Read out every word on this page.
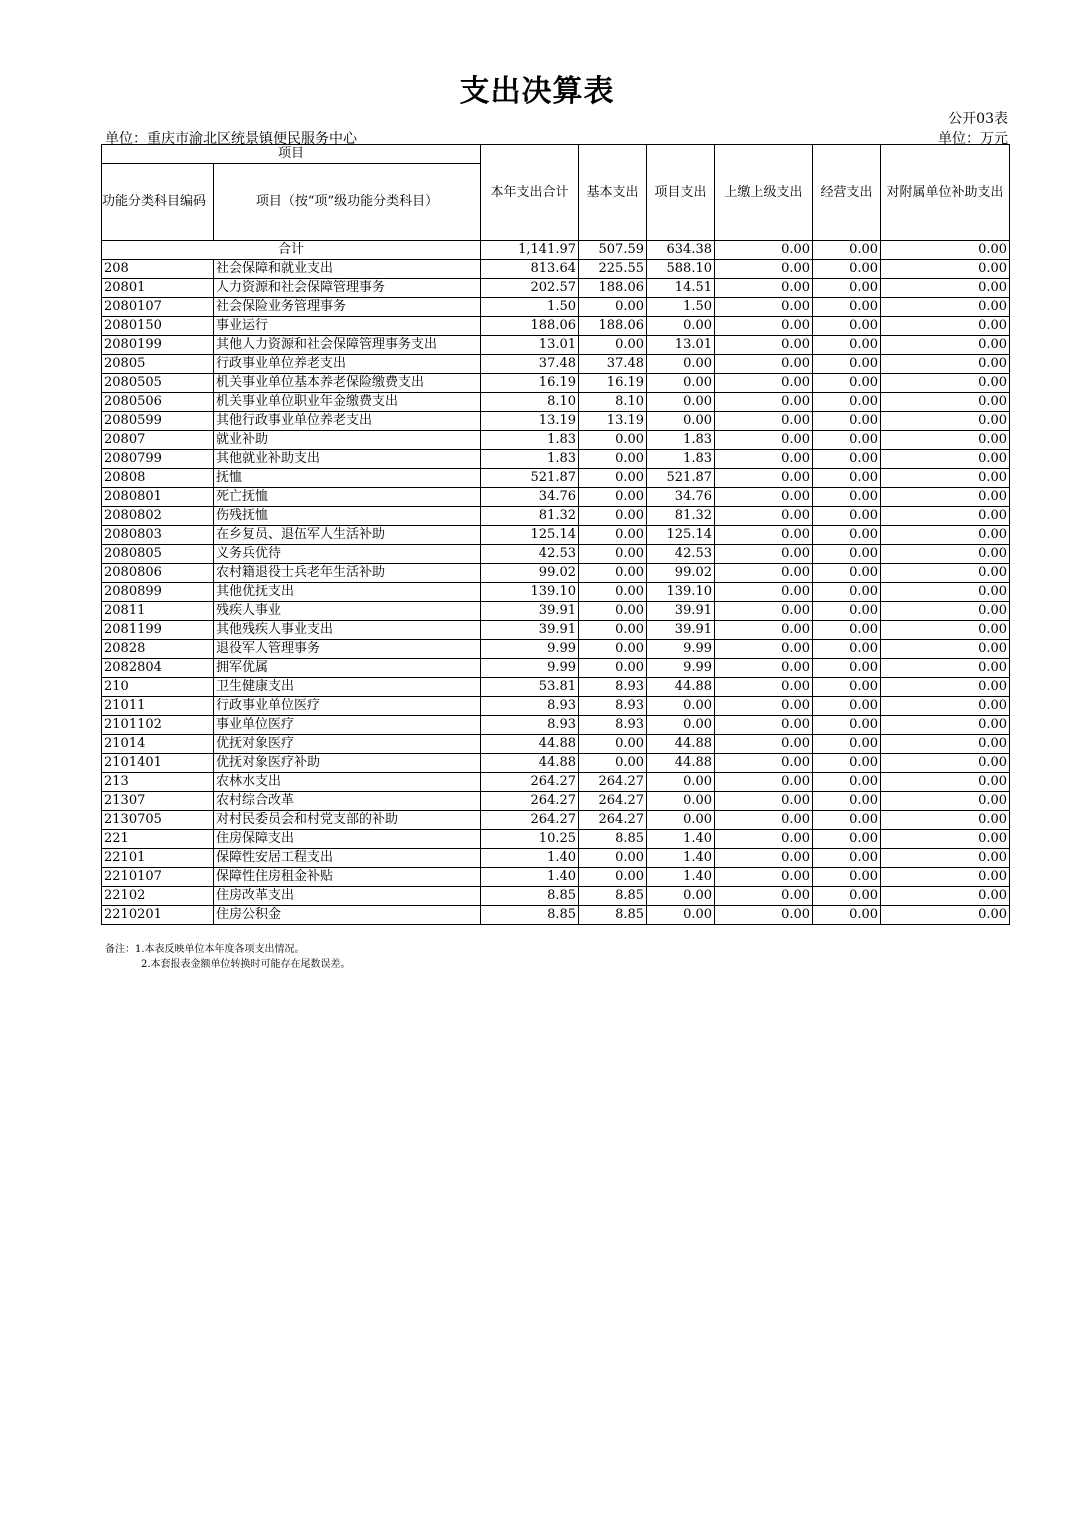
支出决算表
公开03表
单位：重庆市渝北区统景镇便民服务中心	单位：万元
项目		本年支出合计	基本支出	项目支出	上缴上级支出	经营支出	对附属单位补助支出
功能分类科目编码	项目（按“项”级功能分类科目）						
合计		1,141.97	507.59	634.38	0.00	0.00	0.00
208	社会保障和就业支出	813.64	225.55	588.10	0.00	0.00	0.00
20801	人力资源和社会保障管理事务	202.57	188.06	14.51	0.00	0.00	0.00
2080107	社会保险业务管理事务	1.50	0.00	1.50	0.00	0.00	0.00
2080150	事业运行	188.06	188.06	0.00	0.00	0.00	0.00
2080199	其他人力资源和社会保障管理事务支出	13.01	0.00	13.01	0.00	0.00	0.00
20805	行政事业单位养老支出	37.48	37.48	0.00	0.00	0.00	0.00
2080505	机关事业单位基本养老保险缴费支出	16.19	16.19	0.00	0.00	0.00	0.00
2080506	机关事业单位职业年金缴费支出	8.10	8.10	0.00	0.00	0.00	0.00
2080599	其他行政事业单位养老支出	13.19	13.19	0.00	0.00	0.00	0.00
20807	就业补助	1.83	0.00	1.83	0.00	0.00	0.00
2080799	其他就业补助支出	1.83	0.00	1.83	0.00	0.00	0.00
20808	抚恤	521.87	0.00	521.87	0.00	0.00	0.00
2080801	死亡抚恤	34.76	0.00	34.76	0.00	0.00	0.00
2080802	伤残抚恤	81.32	0.00	81.32	0.00	0.00	0.00
2080803	在乡复员、退伍军人生活补助	125.14	0.00	125.14	0.00	0.00	0.00
2080805	义务兵优待	42.53	0.00	42.53	0.00	0.00	0.00
2080806	农村籍退役士兵老年生活补助	99.02	0.00	99.02	0.00	0.00	0.00
2080899	其他优抚支出	139.10	0.00	139.10	0.00	0.00	0.00
20811	残疾人事业	39.91	0.00	39.91	0.00	0.00	0.00
2081199	其他残疾人事业支出	39.91	0.00	39.91	0.00	0.00	0.00
20828	退役军人管理事务	9.99	0.00	9.99	0.00	0.00	0.00
2082804	拥军优属	9.99	0.00	9.99	0.00	0.00	0.00
210	卫生健康支出	53.81	8.93	44.88	0.00	0.00	0.00
21011	行政事业单位医疗	8.93	8.93	0.00	0.00	0.00	0.00
2101102	事业单位医疗	8.93	8.93	0.00	0.00	0.00	0.00
21014	优抚对象医疗	44.88	0.00	44.88	0.00	0.00	0.00
2101401	优抚对象医疗补助	44.88	0.00	44.88	0.00	0.00	0.00
213	农林水支出	264.27	264.27	0.00	0.00	0.00	0.00
21307	农村综合改革	264.27	264.27	0.00	0.00	0.00	0.00
2130705	对村民委员会和村党支部的补助	264.27	264.27	0.00	0.00	0.00	0.00
221	住房保障支出	10.25	8.85	1.40	0.00	0.00	0.00
22101	保障性安居工程支出	1.40	0.00	1.40	0.00	0.00	0.00
2210107	保障性住房租金补贴	1.40	0.00	1.40	0.00	0.00	0.00
22102	住房改革支出	8.85	8.85	0.00	0.00	0.00	0.00
2210201	住房公积金	8.85	8.85	0.00	0.00	0.00	0.00
备注：1.本表反映单位本年度各项支出情况。
2.本套报表金额单位转换时可能存在尾数误差。
